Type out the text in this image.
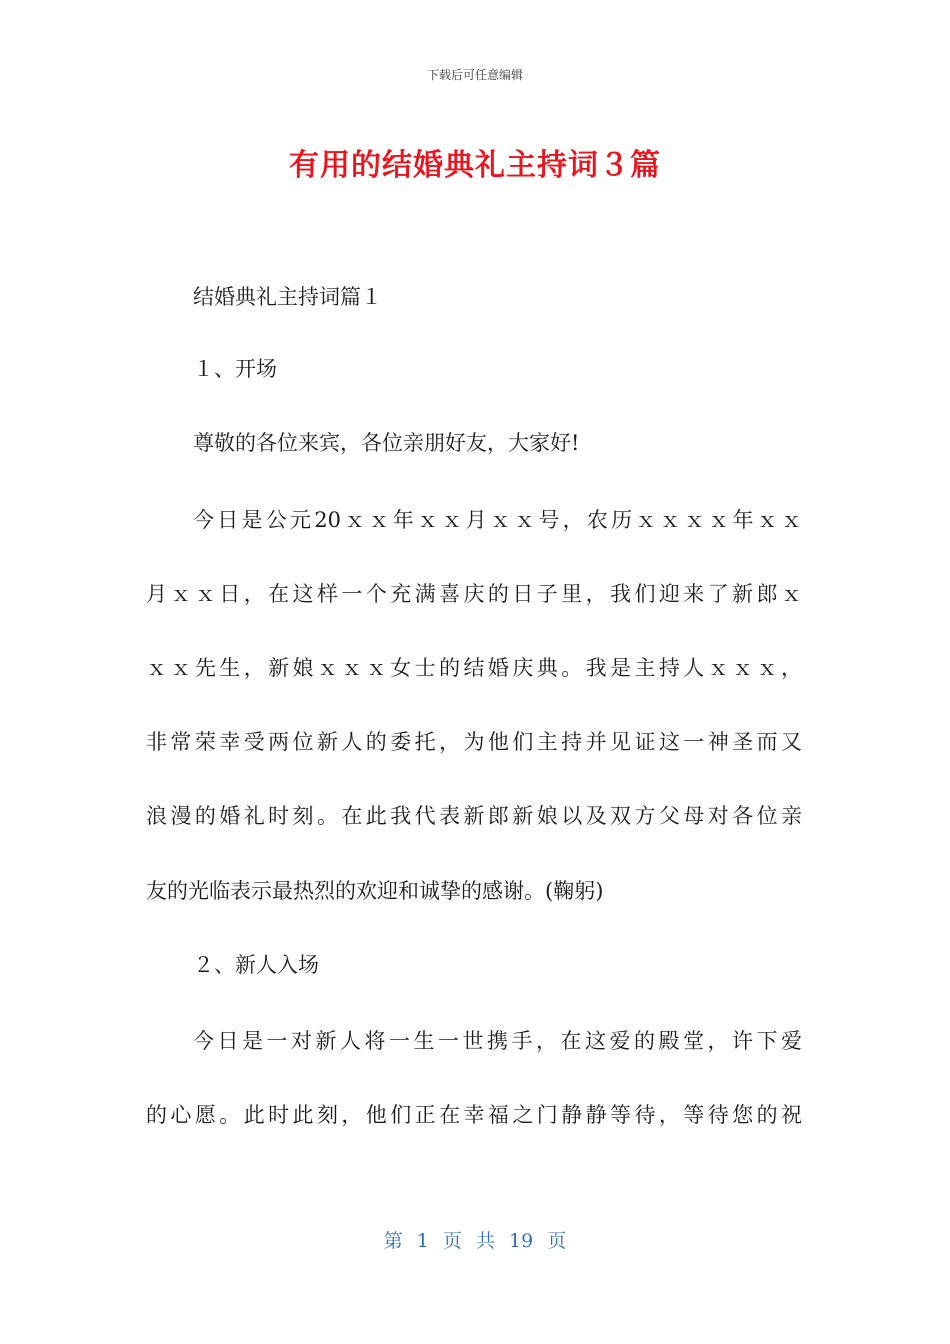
下载后可任意编辑
有用的结婚典礼主持词３篇
结婚典礼主持词篇１
１、开场
尊敬的各位来宾，各位亲朋好友，大家好!
今日是公元20ｘｘ年ｘｘ月ｘｘ号，农历ｘｘｘｘ年ｘｘ
月ｘｘ日，在这样一个充满喜庆的日子里，我们迎来了新郎ｘ
ｘｘ先生，新娘ｘｘｘ女士的结婚庆典。我是主持人ｘｘｘ，
非常荣幸受两位新人的委托，为他们主持并见证这一神圣而又
浪漫的婚礼时刻。在此我代表新郎新娘以及双方父母对各位亲
友的光临表示最热烈的欢迎和诚挚的感谢。(鞠躬)
２、新人入场
今日是一对新人将一生一世携手，在这爱的殿堂，许下爱
的心愿。此时此刻，他们正在幸福之门静静等待，等待您的祝
第 1 页 共 19 页
